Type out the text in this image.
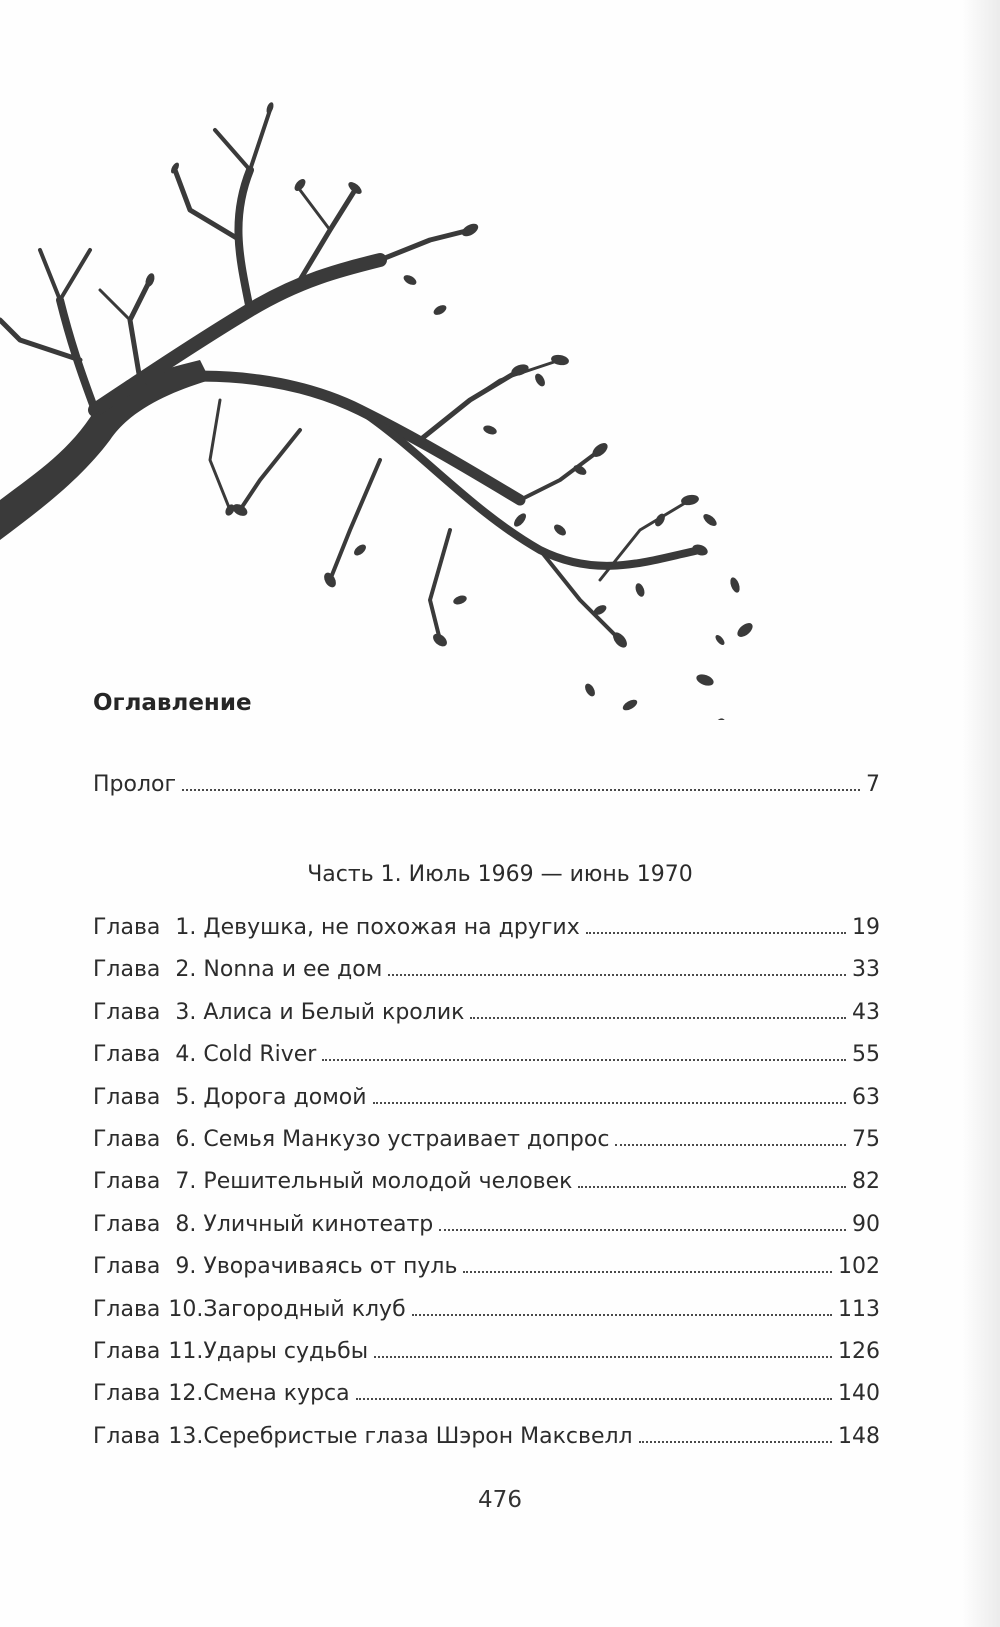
Оглавление
Пролог	7
Часть 1. Июль 1969 — июнь 1970
Глава 1. Девушка, не похожая на других	19
Глава 2. Nonna и ее дом	33
Глава 3. Алиса и Белый кролик	43
Глава 4. Cold River	55
Глава 5. Дорога домой	63
Глава 6. Семья Манкузо устраивает допрос	75
Глава 7. Решительный молодой человек	82
Глава 8. Уличный кинотеатр	90
Глава 9. Уворачиваясь от пуль	102
Глава 10. Загородный клуб	113
Глава 11. Удары судьбы	126
Глава 12. Смена курса	140
Глава 13. Серебристые глаза Шэрон Максвелл	148
476
